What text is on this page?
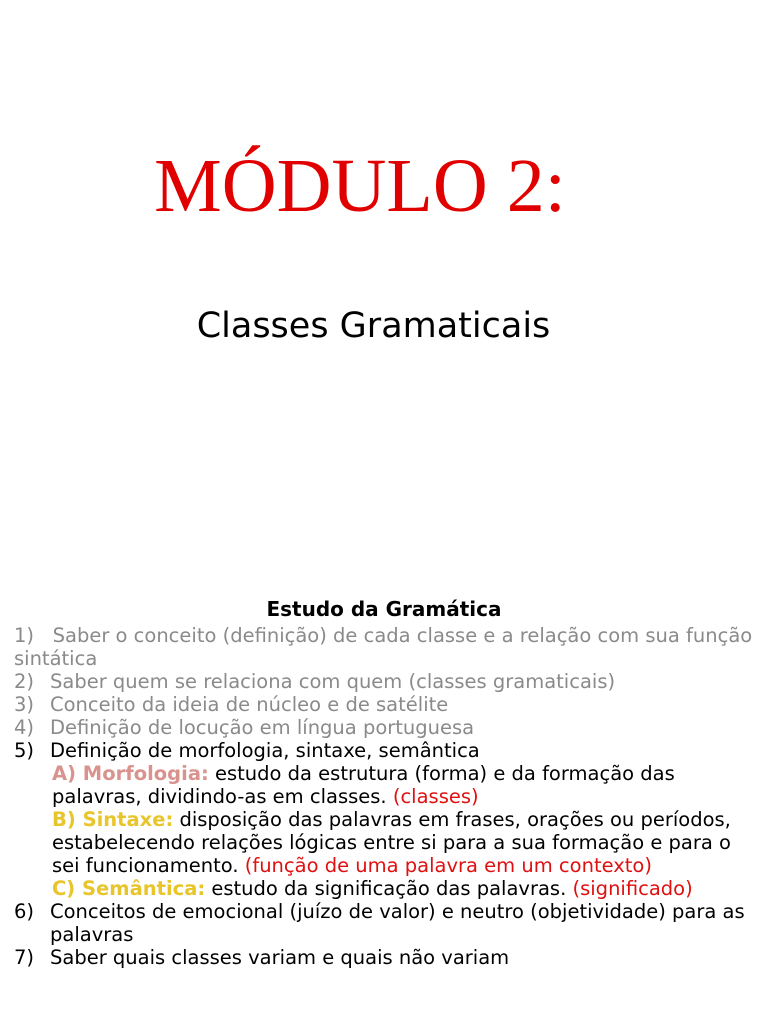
MÓDULO 2:
Classes Gramaticais
Estudo da Gramática
1) Saber o conceito (definição) de cada classe e a relação com sua função sintática
2) Saber quem se relaciona com quem (classes gramaticais)
3) Conceito da ideia de núcleo e de satélite
4) Definição de locução em língua portuguesa
5) Definição de morfologia, sintaxe, semântica
A) Morfologia: estudo da estrutura (forma) e da formação das palavras, dividindo-as em classes. (classes)
B) Sintaxe: disposição das palavras em frases, orações ou períodos, estabelecendo relações lógicas entre si para a sua formação e para o sei funcionamento. (função de uma palavra em um contexto)
C) Semântica: estudo da significação das palavras. (significado)
6) Conceitos de emocional (juízo de valor) e neutro (objetividade) para as palavras
7) Saber quais classes variam e quais não variam
